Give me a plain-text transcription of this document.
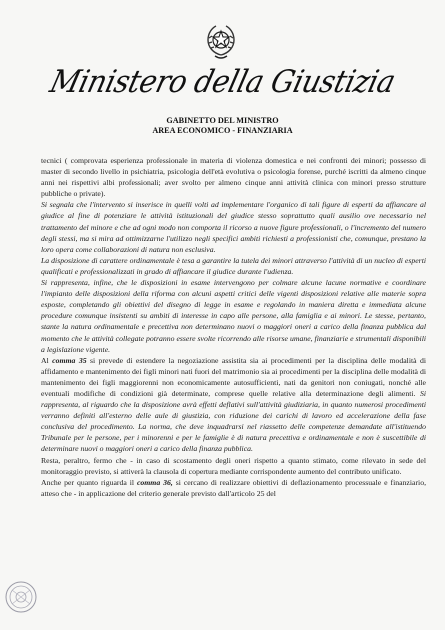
Ministero della Giustizia
GABINETTO DEL MINISTRO
AREA ECONOMICO - FINANZIARIA

tecnici ( comprovata esperienza professionale in materia di violenza domestica e nei confronti dei minori; possesso di master di secondo livello in psichiatria, psicologia dell'età evolutiva o psicologia forense, purché iscritti da almeno cinque anni nei rispettivi albi professionali; aver svolto per almeno cinque anni attività clinica con minori presso strutture pubbliche o private).

Si segnala che l'intervento si inserisce in quelli volti ad implementare l'organico di tali figure di esperti da affiancare al giudice al fine di potenziare le attività istituzionali del giudice stesso soprattutto quali ausilio ove necessario nel trattamento del minore e che ad ogni modo non comporta il ricorso a nuove figure professionali, o l'incremento del numero degli stessi, ma si mira ad ottimizzarne l'utilizzo negli specifici ambiti richiesti a professionisti che, comunque, prestano la loro opera come collaborazioni di natura non esclusiva.

La disposizione di carattere ordinamentale è tesa a garantire la tutela dei minori attraverso l'attività di un nucleo di esperti qualificati e professionalizzati in grado di affiancare il giudice durante l'udienza.

Si rappresenta, infine, che le disposizioni in esame intervengono per colmare alcune lacune normative e coordinare l'impianto delle disposizioni della riforma con alcuni aspetti critici delle vigenti disposizioni relative alle materie sopra esposte, completando gli obiettivi del disegno di legge in esame e regolando in maniera diretta e immediata alcune procedure comunque insistenti su ambiti di interesse in capo alle persone, alla famiglia e ai minori. Le stesse, pertanto, stante la natura ordinamentale e precettiva non determinano nuovi o maggiori oneri a carico della finanza pubblica dal momento che le attività collegate potranno essere svolte ricorrendo alle risorse umane, finanziarie e strumentali disponibili a legislazione vigente.

Al comma 35 si prevede di estendere la negoziazione assistita sia ai procedimenti per la disciplina delle modalità di affidamento e mantenimento dei figli minori nati fuori del matrimonio sia ai procedimenti per la disciplina delle modalità di mantenimento dei figli maggiorenni non economicamente autosufficienti, nati da genitori non coniugati, nonché alle eventuali modifiche di condizioni già determinate, comprese quelle relative alla determinazione degli alimenti. Si rappresenta, al riguardo che la disposizione avrà effetti deflativi sull'attività giudiziaria, in quanto numerosi procedimenti verranno definiti all'esterno delle aule di giustizia, con riduzione dei carichi di lavoro ed accelerazione della fase conclusiva del procedimento. La norma, che deve inquadrarsi nel riassetto delle competenze demandate all'istituendo Tribunale per le persone, per i minorenni e per le famiglie è di natura precettiva e ordinamentale e non è suscettibile di determinare nuovi o maggiori oneri a carico della finanza pubblica.

Resta, peraltro, fermo che - in caso di scostamento degli oneri rispetto a quanto stimato, come rilevato in sede del monitoraggio previsto, si attiverà la clausola di copertura mediante corrispondente aumento del contributo unificato.

Anche per quanto riguarda il comma 36, si cercano di realizzare obiettivi di deflazionamento processuale e finanziario, atteso che - in applicazione del criterio generale previsto dall'articolo 25 del
